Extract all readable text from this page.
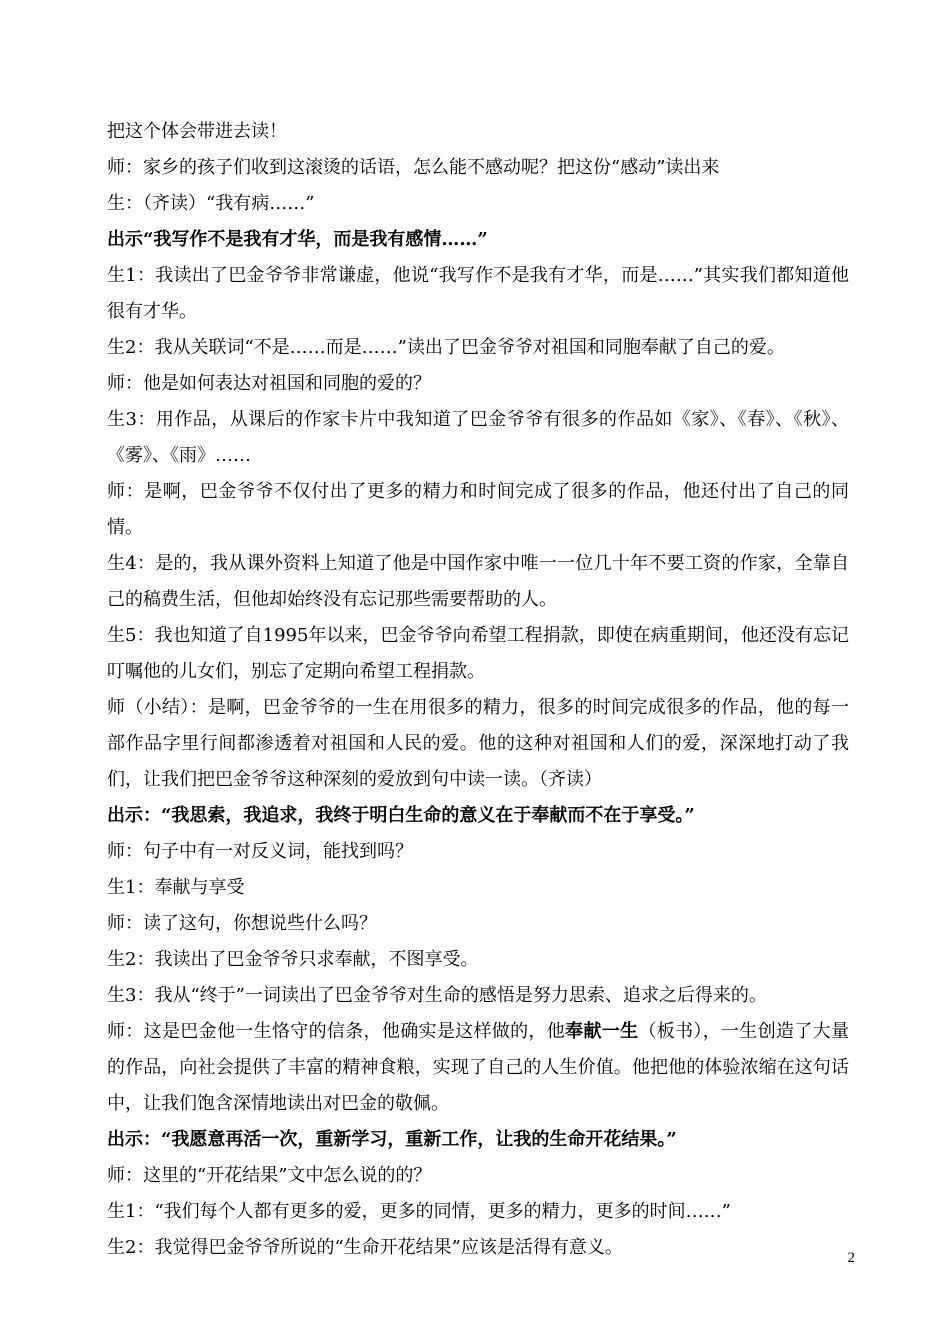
把这个体会带进去读！

师：家乡的孩子们收到这滚烫的话语，怎么能不感动呢？把这份“感动”读出来

生：（齐读）“我有病……”

出示“我写作不是我有才华，而是我有感情……”

生1：我读出了巴金爷爷非常谦虚，他说“我写作不是我有才华，而是……”其实我们都知道他很有才华。

生2：我从关联词“不是……而是……”读出了巴金爷爷对祖国和同胞奉献了自己的爱。

师：他是如何表达对祖国和同胞的爱的？

生3：用作品，从课后的作家卡片中我知道了巴金爷爷有很多的作品如《家》、《春》、《秋》、《雾》、《雨》……

师：是啊，巴金爷爷不仅付出了更多的精力和时间完成了很多的作品，他还付出了自己的同情。

生4：是的，我从课外资料上知道了他是中国作家中唯一一位几十年不要工资的作家，全靠自己的稿费生活，但他却始终没有忘记那些需要帮助的人。

生5：我也知道了自1995年以来，巴金爷爷向希望工程捐款，即使在病重期间，他还没有忘记叮嘱他的儿女们，别忘了定期向希望工程捐款。

师（小结）：是啊，巴金爷爷的一生在用很多的精力，很多的时间完成很多的作品，他的每一部作品字里行间都渗透着对祖国和人民的爱。他的这种对祖国和人们的爱，深深地打动了我们，让我们把巴金爷爷这种深刻的爱放到句中读一读。（齐读）

出示：“我思索，我追求，我终于明白生命的意义在于奉献而不在于享受。”

师：句子中有一对反义词，能找到吗？

生1：奉献与享受

师：读了这句，你想说些什么吗？

生2：我读出了巴金爷爷只求奉献，不图享受。

生3：我从“终于”一词读出了巴金爷爷对生命的感悟是努力思索、追求之后得来的。

师：这是巴金他一生恪守的信条，他确实是这样做的，他奉献一生（板书），一生创造了大量的作品，向社会提供了丰富的精神食粮，实现了自己的人生价值。他把他的体验浓缩在这句话中，让我们饱含深情地读出对巴金的敬佩。

出示：“我愿意再活一次，重新学习，重新工作，让我的生命开花结果。”

师：这里的“开花结果”文中怎么说的的？

生1：“我们每个人都有更多的爱，更多的同情，更多的精力，更多的时间……”

生2：我觉得巴金爷爷所说的“生命开花结果”应该是活得有意义。	2
